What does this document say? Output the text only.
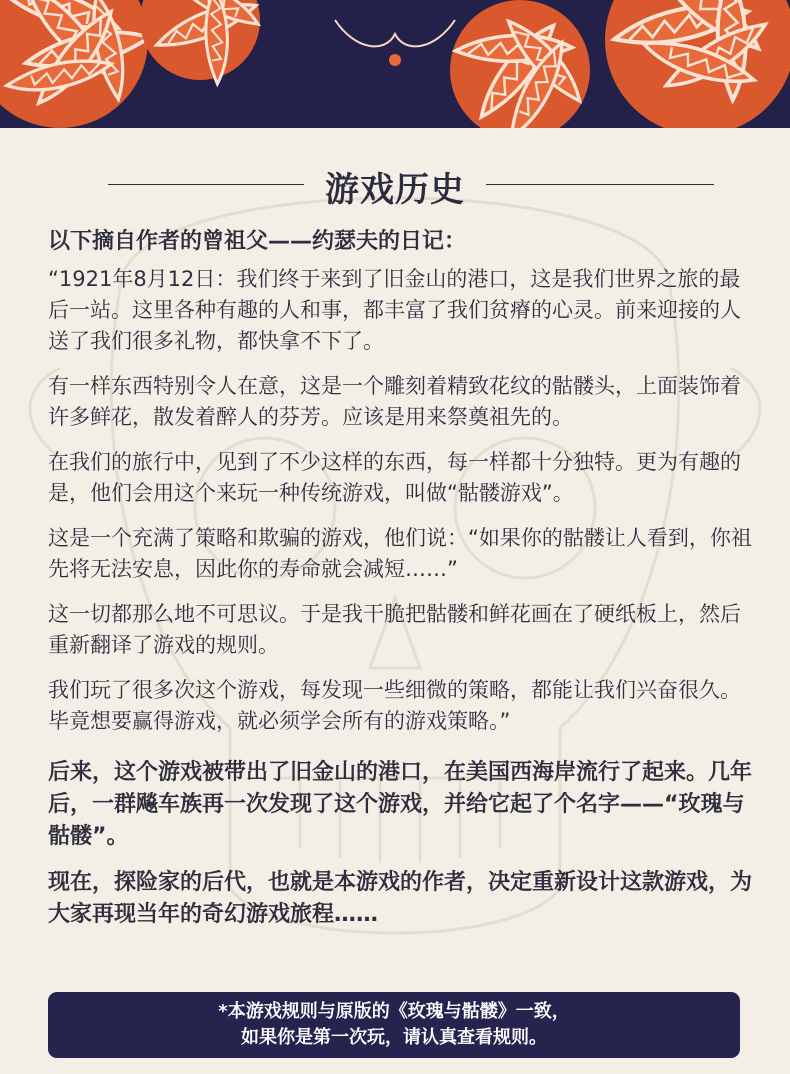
游戏历史

以下摘自作者的曾祖父——约瑟夫的日记：

“1921年8月12日：我们终于来到了旧金山的港口，这是我们世界之旅的最后一站。这里各种有趣的人和事，都丰富了我们贫瘠的心灵。前来迎接的人送了我们很多礼物，都快拿不下了。

有一样东西特别令人在意，这是一个雕刻着精致花纹的骷髅头，上面装饰着许多鲜花，散发着醉人的芬芳。应该是用来祭奠祖先的。

在我们的旅行中，见到了不少这样的东西，每一样都十分独特。更为有趣的是，他们会用这个来玩一种传统游戏，叫做“骷髅游戏”。

这是一个充满了策略和欺骗的游戏，他们说：“如果你的骷髅让人看到，你祖先将无法安息，因此你的寿命就会减短……”

这一切都那么地不可思议。于是我干脆把骷髅和鲜花画在了硬纸板上，然后重新翻译了游戏的规则。

我们玩了很多次这个游戏，每发现一些细微的策略，都能让我们兴奋很久。毕竟想要赢得游戏，就必须学会所有的游戏策略。”

后来，这个游戏被带出了旧金山的港口，在美国西海岸流行了起来。几年后，一群飚车族再一次发现了这个游戏，并给它起了个名字——“玫瑰与骷髅”。

现在，探险家的后代，也就是本游戏的作者，决定重新设计这款游戏，为大家再现当年的奇幻游戏旅程……

*本游戏规则与原版的《玫瑰与骷髅》一致，
如果你是第一次玩，请认真查看规则。
